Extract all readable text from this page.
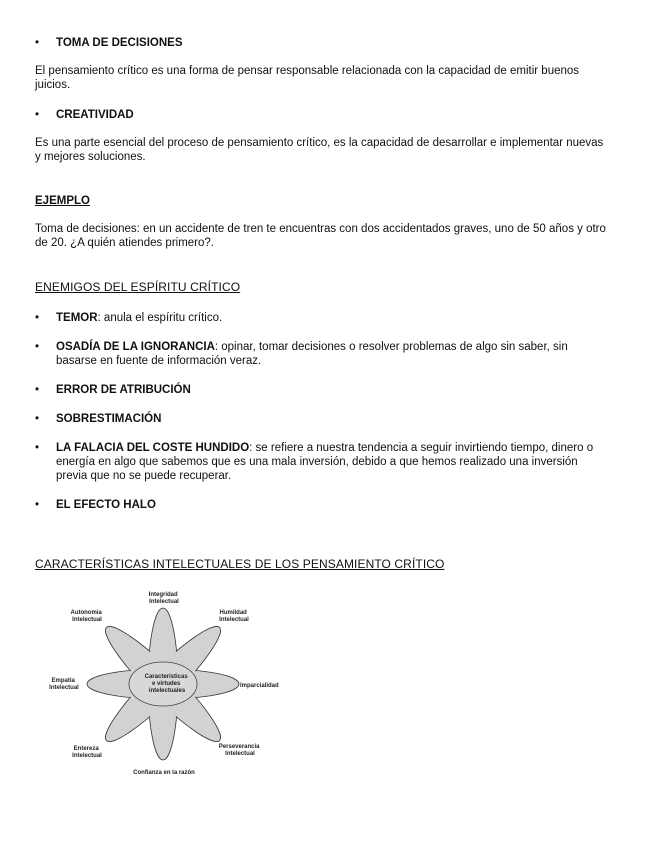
•	TOMA DE DECISIONES
El pensamiento crítico es una forma de pensar responsable relacionada con la capacidad de emitir buenos juicios.
•	CREATIVIDAD
Es una parte esencial del proceso de pensamiento crítico, es la capacidad de desarrollar e implementar nuevas y mejores soluciones.
EJEMPLO
Toma de decisiones: en un accidente de tren te encuentras con dos accidentados graves, uno de 50 años y otro de 20. ¿A quién atiendes primero?.
ENEMIGOS DEL ESPÍRITU CRÍTICO
•	TEMOR: anula el espíritu crítico.
•	OSADÍA DE LA IGNORANCIA: opinar, tomar decisiones o resolver problemas de algo sin saber, sin basarse en fuente de información veraz.
•	ERROR DE ATRIBUCIÓN
•	SOBRESTIMACIÓN
•	LA FALACIA DEL COSTE HUNDIDO: se refiere a nuestra tendencia a seguir invirtiendo tiempo, dinero o energía en algo que sabemos que es una mala inversión, debido a que hemos realizado una inversión previa que no se puede recuperar.
•	EL EFECTO HALO
CARACTERÍSTICAS INTELECTUALES DE LOS PENSAMIENTO CRÍTICO
Características e virtudes intelectuales
Integridad Intelectual
Humildad Intelectual
Imparcialidad
Perseverancia Intelectual
Confianza en la razón
Entereza Intelectual
Empatía Intelectual
Autonomía Intelectual
